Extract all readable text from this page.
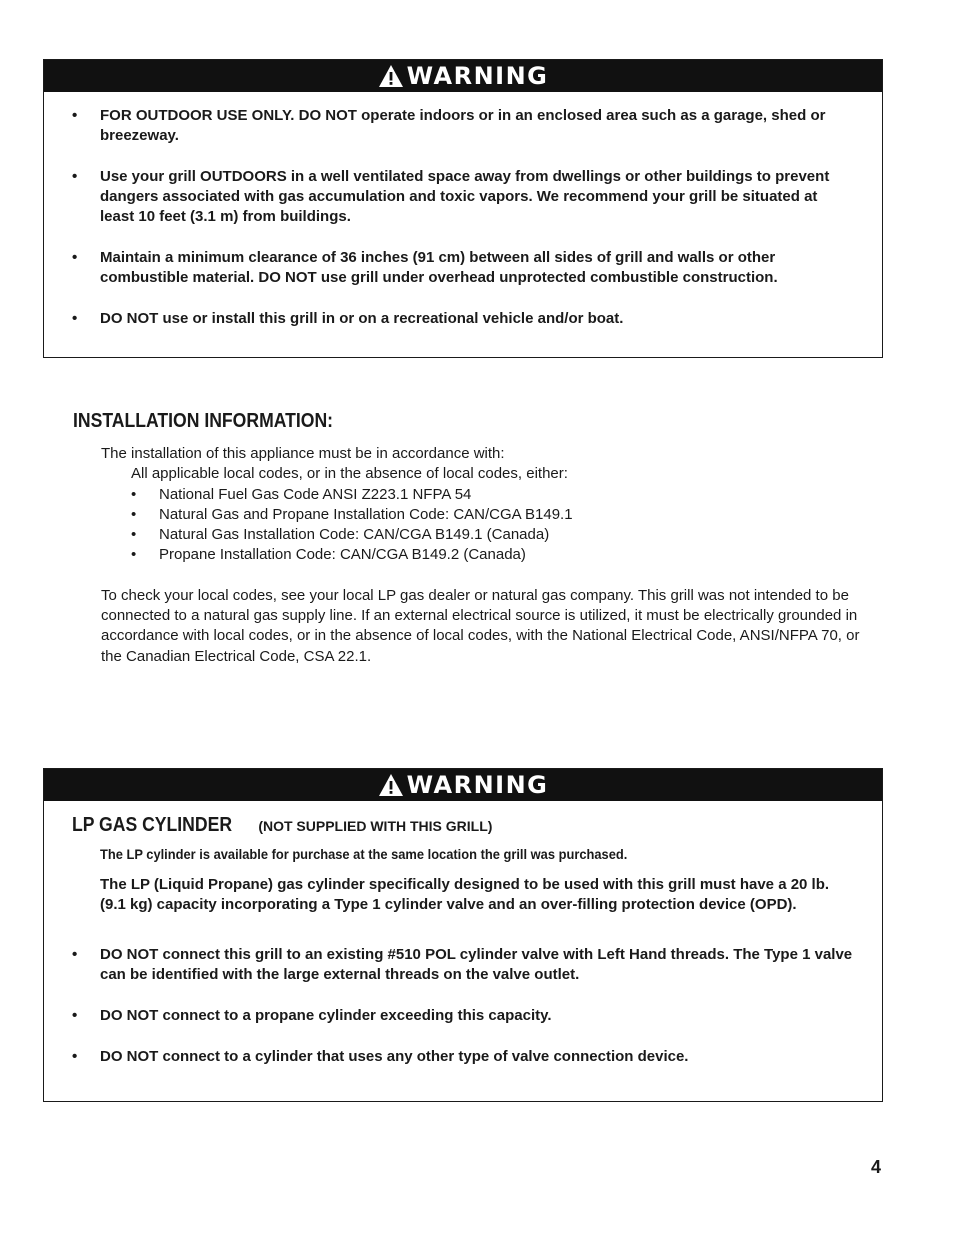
WARNING
• FOR OUTDOOR USE ONLY. DO NOT operate indoors or in an enclosed area such as a garage, shed or breezeway.
• Use your grill OUTDOORS in a well ventilated space away from dwellings or other buildings to prevent dangers associated with gas accumulation and toxic vapors. We recommend your grill be situated at least 10 feet (3.1 m) from buildings.
• Maintain a minimum clearance of 36 inches (91 cm) between all sides of grill and walls or other combustible material. DO NOT use grill under overhead unprotected combustible construction.
• DO NOT use or install this grill in or on a recreational vehicle and/or boat.
INSTALLATION INFORMATION:

The installation of this appliance must be in accordance with:

All applicable local codes, or in the absence of local codes, either:

• National Fuel Gas Code ANSI Z223.1 NFPA 54
• Natural Gas and Propane Installation Code: CAN/CGA B149.1
• Natural Gas Installation Code: CAN/CGA B149.1 (Canada)
• Propane Installation Code: CAN/CGA B149.2 (Canada)

To check your local codes, see your local LP gas dealer or natural gas company. This grill was not intended to be connected to a natural gas supply line. If an external electrical source is utilized, it must be electrically grounded in accordance with local codes, or in the absence of local codes, with the National Electrical Code, ANSI/NFPA 70, or the Canadian Electrical Code, CSA 22.1.

WARNING
LP GAS CYLINDER (NOT SUPPLIED WITH THIS GRILL)

The LP cylinder is available for purchase at the same location the grill was purchased.

The LP (Liquid Propane) gas cylinder specifically designed to be used with this grill must have a 20 lb. (9.1 kg) capacity incorporating a Type 1 cylinder valve and an over-filling protection device (OPD).

• DO NOT connect this grill to an existing #510 POL cylinder valve with Left Hand threads. The Type 1 valve can be identified with the large external threads on the valve outlet.
• DO NOT connect to a propane cylinder exceeding this capacity.
• DO NOT connect to a cylinder that uses any other type of valve connection device.
4
